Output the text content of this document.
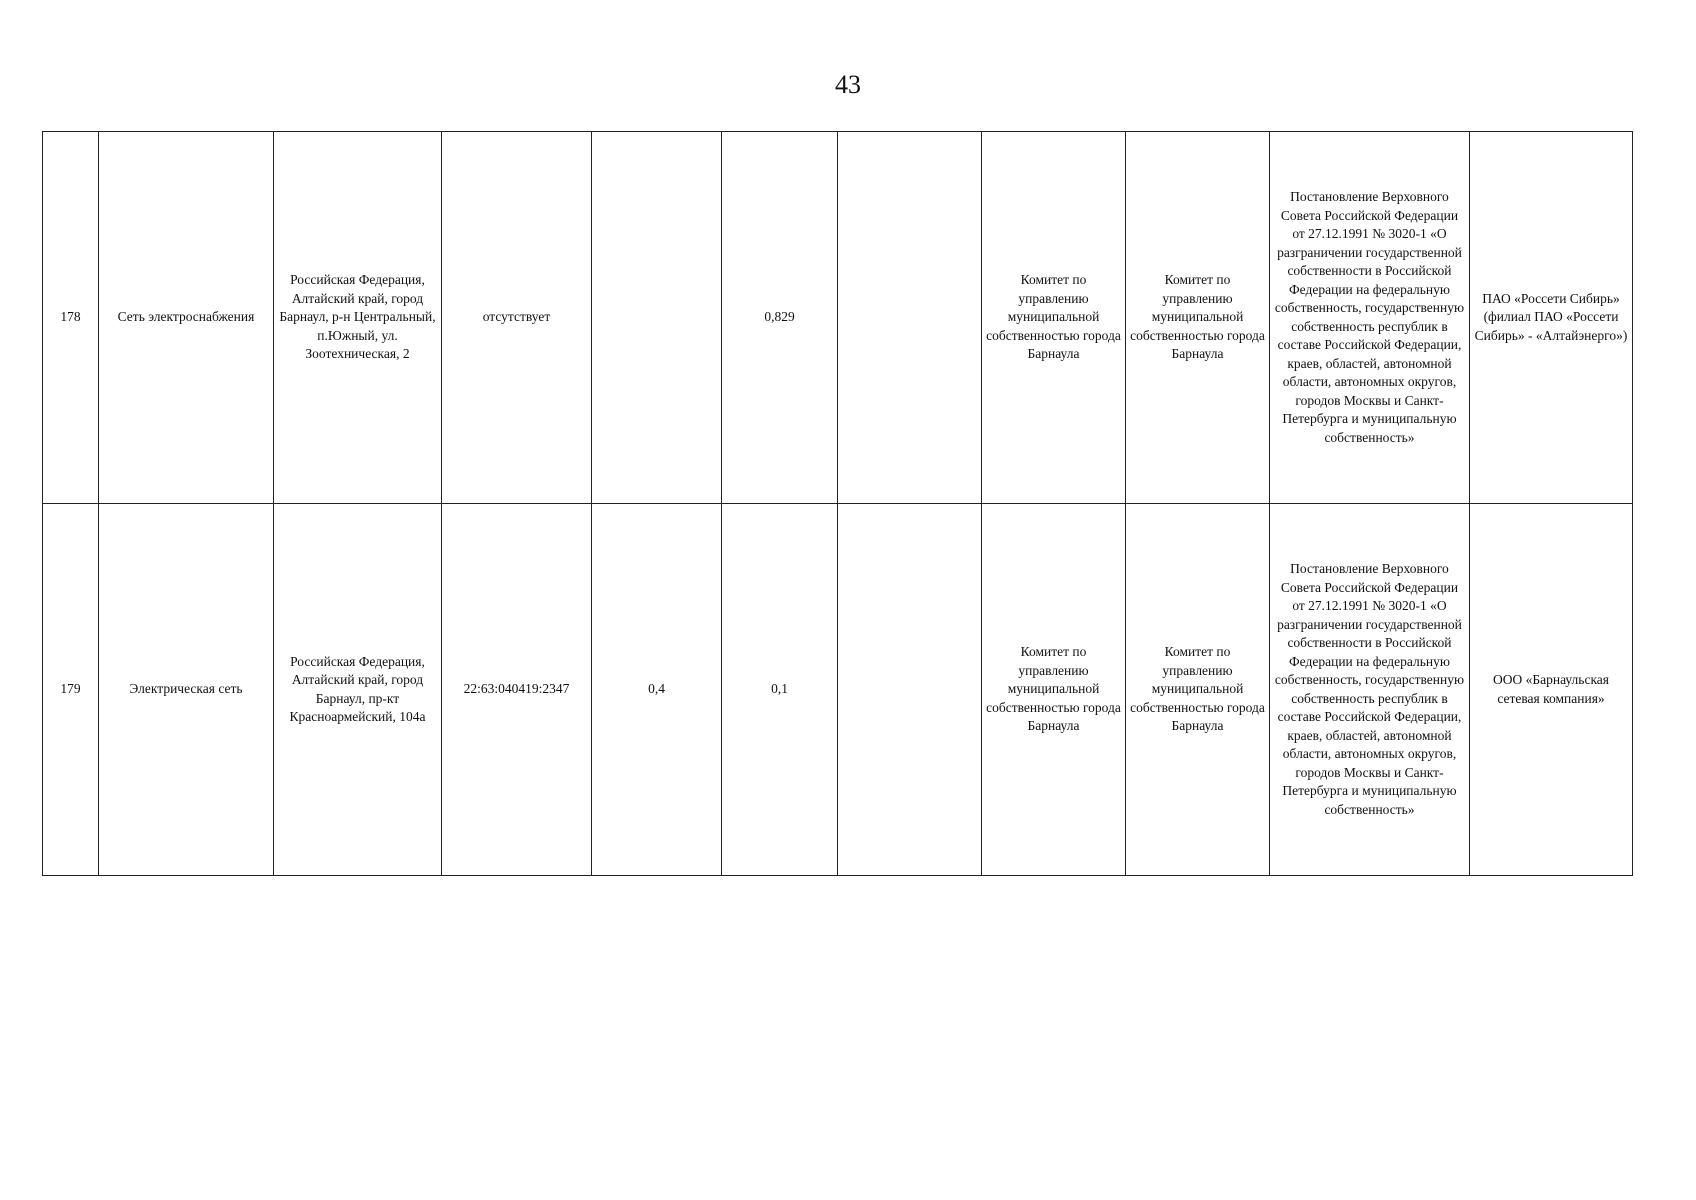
43
178	Сеть электроснабжения	Российская Федерация, Алтайский край, город Барнаул, р-н Центральный, п.Южный, ул. Зоотехническая, 2	отсутствует		0,829		Комитет по управлению муниципальной собственностью города Барнаула	Комитет по управлению муниципальной собственностью города Барнаула	Постановление Верховного Совета Российской Федерации от 27.12.1991 № 3020-1 «О разграничении государственной собственности в Российской Федерации на федеральную собственность, государственную собственность республик в составе Российской Федерации, краев, областей, автономной области, автономных округов, городов Москвы и Санкт-Петербурга и муниципальную собственность»	ПАО «Россети Сибирь» (филиал ПАО «Россети Сибирь» - «Алтайэнерго»)
179	Электрическая сеть	Российская Федерация, Алтайский край, город Барнаул, пр-кт Красноармейский, 104а	22:63:040419:2347	0,4	0,1		Комитет по управлению муниципальной собственностью города Барнаула	Комитет по управлению муниципальной собственностью города Барнаула	Постановление Верховного Совета Российской Федерации от 27.12.1991 № 3020-1 «О разграничении государственной собственности в Российской Федерации на федеральную собственность, государственную собственность республик в составе Российской Федерации, краев, областей, автономной области, автономных округов, городов Москвы и Санкт-Петербурга и муниципальную собственность»	ООО «Барнаульская сетевая компания»
